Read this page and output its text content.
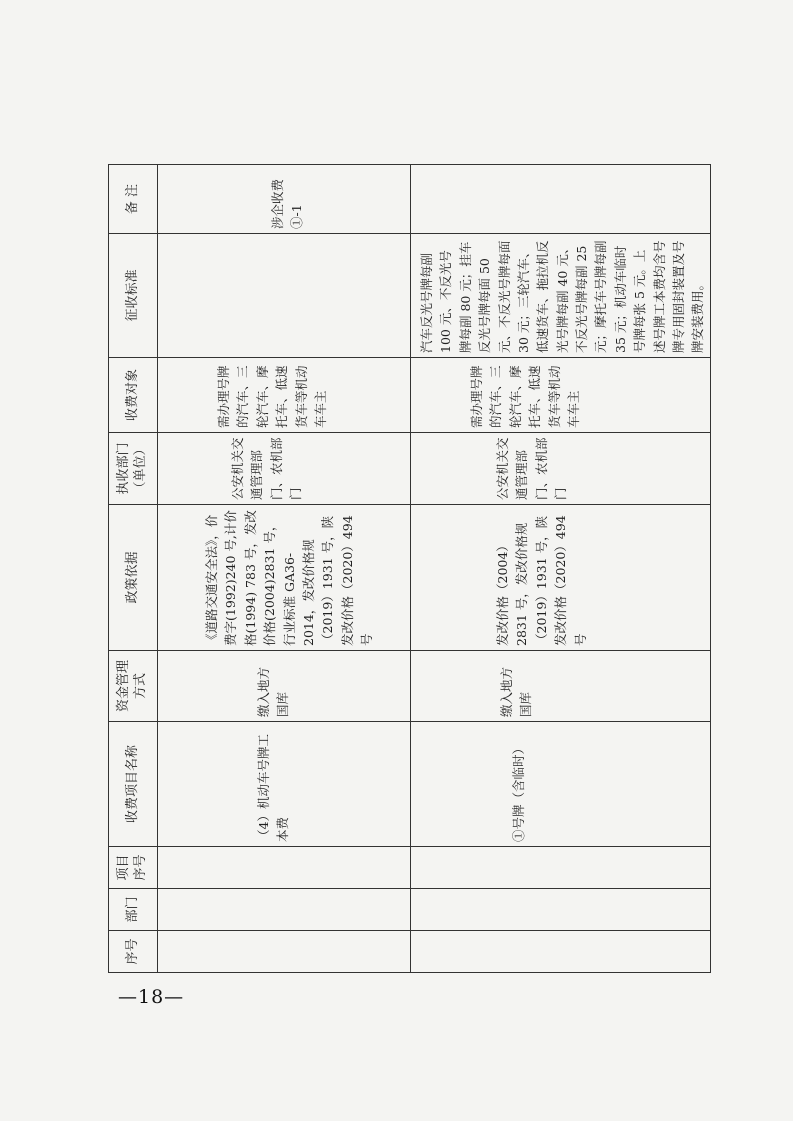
序号	部门	项目序号	收费项目名称	资金管理方式	政策依据	执收部门（单位）	收费对象	征收标准	备 注
			（4）机动车号牌工本费	缴入地方国库	《道路交通安全法》，价费字(1992)240 号,计价格(1994) 783 号，发改价格(2004)2831 号，行业标准 GA36-2014，发改价格规（2019）1931 号，陕发改价格（2020）494 号	公安机关交通管理部门、农机部门	需办理号牌的汽车、三轮汽车、摩托车、低速货车等机动车车主		涉企收费①-1
			①号牌（含临时）	缴入地方国库	发改价格（2004）2831 号，发改价格规（2019）1931 号，陕发改价格（2020）494 号	公安机关交通管理部门、农机部门	需办理号牌的汽车、三轮汽车、摩托车、低速货车等机动车车主	汽车反光号牌每副 100 元、不反光号牌每副 80 元；挂车反光号牌每面 50 元、不反光号牌每面 30 元；三轮汽车、低速货车、拖拉机反光号牌每副 40 元、不反光号牌每副 25 元；摩托车号牌每副 35 元；机动车临时号牌每张 5 元。上述号牌工本费均含号牌专用固封装置及号牌安装费用。	
—18—
